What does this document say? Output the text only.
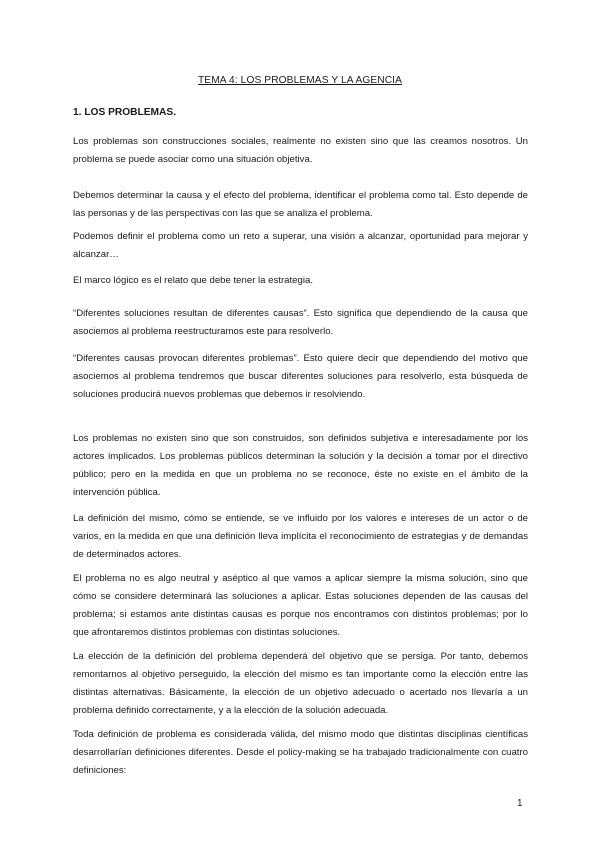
TEMA 4: LOS PROBLEMAS Y LA AGENCIA
1. LOS PROBLEMAS.

Los problemas son construcciones sociales, realmente no existen sino que las creamos nosotros. Un problema se puede asociar como una situación objetiva.

Debemos determinar la causa y el efecto del problema, identificar el problema como tal. Esto depende de las personas y de las perspectivas con las que se analiza el problema.

Podemos definir el problema como un reto a superar, una visión a alcanzar, oportunidad para mejorar y alcanzar…

El marco lógico es el relato que debe tener la estrategia.

“Diferentes soluciones resultan de diferentes causas”. Esto significa que dependiendo de la causa que asociemos al problema reestructuramos este para resolverlo.

“Diferentes causas provocan diferentes problemas”. Esto quiere decir que dependiendo del motivo que asociemos al problema tendremos que buscar diferentes soluciones para resolverlo, esta búsqueda de soluciones producirá nuevos problemas que debemos ir resolviendo.

Los problemas no existen sino que son construidos, son definidos subjetiva e interesadamente por los actores implicados. Los problemas públicos determinan la solución y la decisión a tomar por el directivo público; pero en la medida en que un problema no se reconoce, éste no existe en el ámbito de la intervención pública.

La definición del mismo, cómo se entiende, se ve influido por los valores e intereses de un actor o de varios, en la medida en que una definición lleva implícita el reconocimiento de estrategias y de demandas de determinados actores.

El problema no es algo neutral y aséptico al que vamos a aplicar siempre la misma solución, sino que cómo se considere determinará las soluciones a aplicar. Estas soluciones dependen de las causas del problema; si estamos ante distintas causas es porque nos encontramos con distintos problemas; por lo que afrontaremos distintos problemas con distintas soluciones.

La elección de la definición del problema dependerá del objetivo que se persiga. Por tanto, debemos remontarnos al objetivo perseguido, la elección del mismo es tan importante como la elección entre las distintas alternativas. Básicamente, la elección de un objetivo adecuado o acertado nos llevaría a un problema definido correctamente, y a la elección de la solución adecuada.

Toda definición de problema es considerada válida, del mismo modo que distintas disciplinas científicas desarrollarían definiciones diferentes. Desde el policy-making se ha trabajado tradicionalmente con cuatro definiciones:

1
